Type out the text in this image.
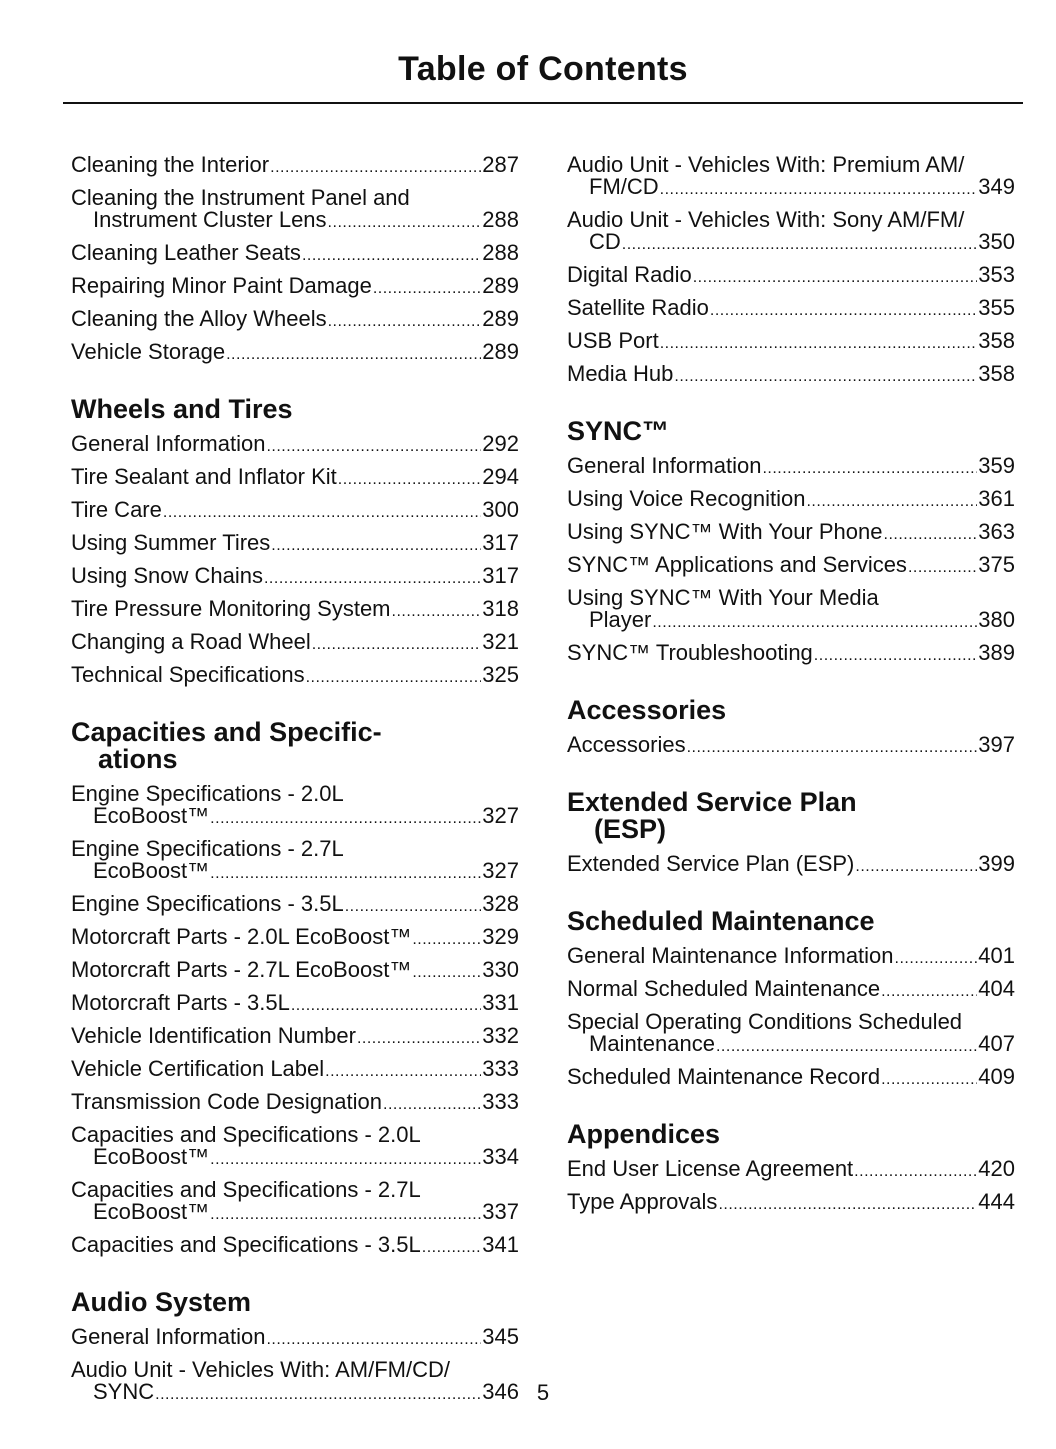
Table of Contents
Cleaning the Interior .....	287
Cleaning the Instrument Panel and
Instrument Cluster Lens .....	288
Cleaning Leather Seats .....	288
Repairing Minor Paint Damage .....	289
Cleaning the Alloy Wheels .....	289
Vehicle Storage .....	289
Wheels and Tires
General Information .....	292
Tire Sealant and Inflator Kit .....	294
Tire Care .....	300
Using Summer Tires .....	317
Using Snow Chains .....	317
Tire Pressure Monitoring System .....	318
Changing a Road Wheel .....	321
Technical Specifications .....	325
Capacities and Specific-

ations
Engine Specifications - 2.0L
EcoBoost™ .....	327
Engine Specifications - 2.7L
EcoBoost™ .....	327
Engine Specifications - 3.5L .....	328
Motorcraft Parts - 2.0L EcoBoost™ .....	329
Motorcraft Parts - 2.7L EcoBoost™ .....	330
Motorcraft Parts - 3.5L .....	331
Vehicle Identification Number .....	332
Vehicle Certification Label .....	333
Transmission Code Designation .....	333
Capacities and Specifications - 2.0L
EcoBoost™ .....	334
Capacities and Specifications - 2.7L
EcoBoost™ .....	337
Capacities and Specifications - 3.5L .....	341
Audio System
General Information .....	345
Audio Unit - Vehicles With: AM/FM/CD/
SYNC .....	346
Audio Unit - Vehicles With: Premium AM/
FM/CD .....	349
Audio Unit - Vehicles With: Sony AM/FM/
CD .....	350
Digital Radio .....	353
Satellite Radio .....	355
USB Port .....	358
Media Hub .....	358
SYNC™
General Information .....	359
Using Voice Recognition .....	361
Using SYNC™ With Your Phone .....	363
SYNC™ Applications and Services .....	375
Using SYNC™ With Your Media
Player .....	380
SYNC™ Troubleshooting .....	389
Accessories
Accessories .....	397
Extended Service Plan

(ESP)
Extended Service Plan (ESP) .....	399
Scheduled Maintenance
General Maintenance Information .....	401
Normal Scheduled Maintenance .....	404
Special Operating Conditions Scheduled
Maintenance .....	407
Scheduled Maintenance Record .....	409
Appendices
End User License Agreement .....	420
Type Approvals .....	444
5
